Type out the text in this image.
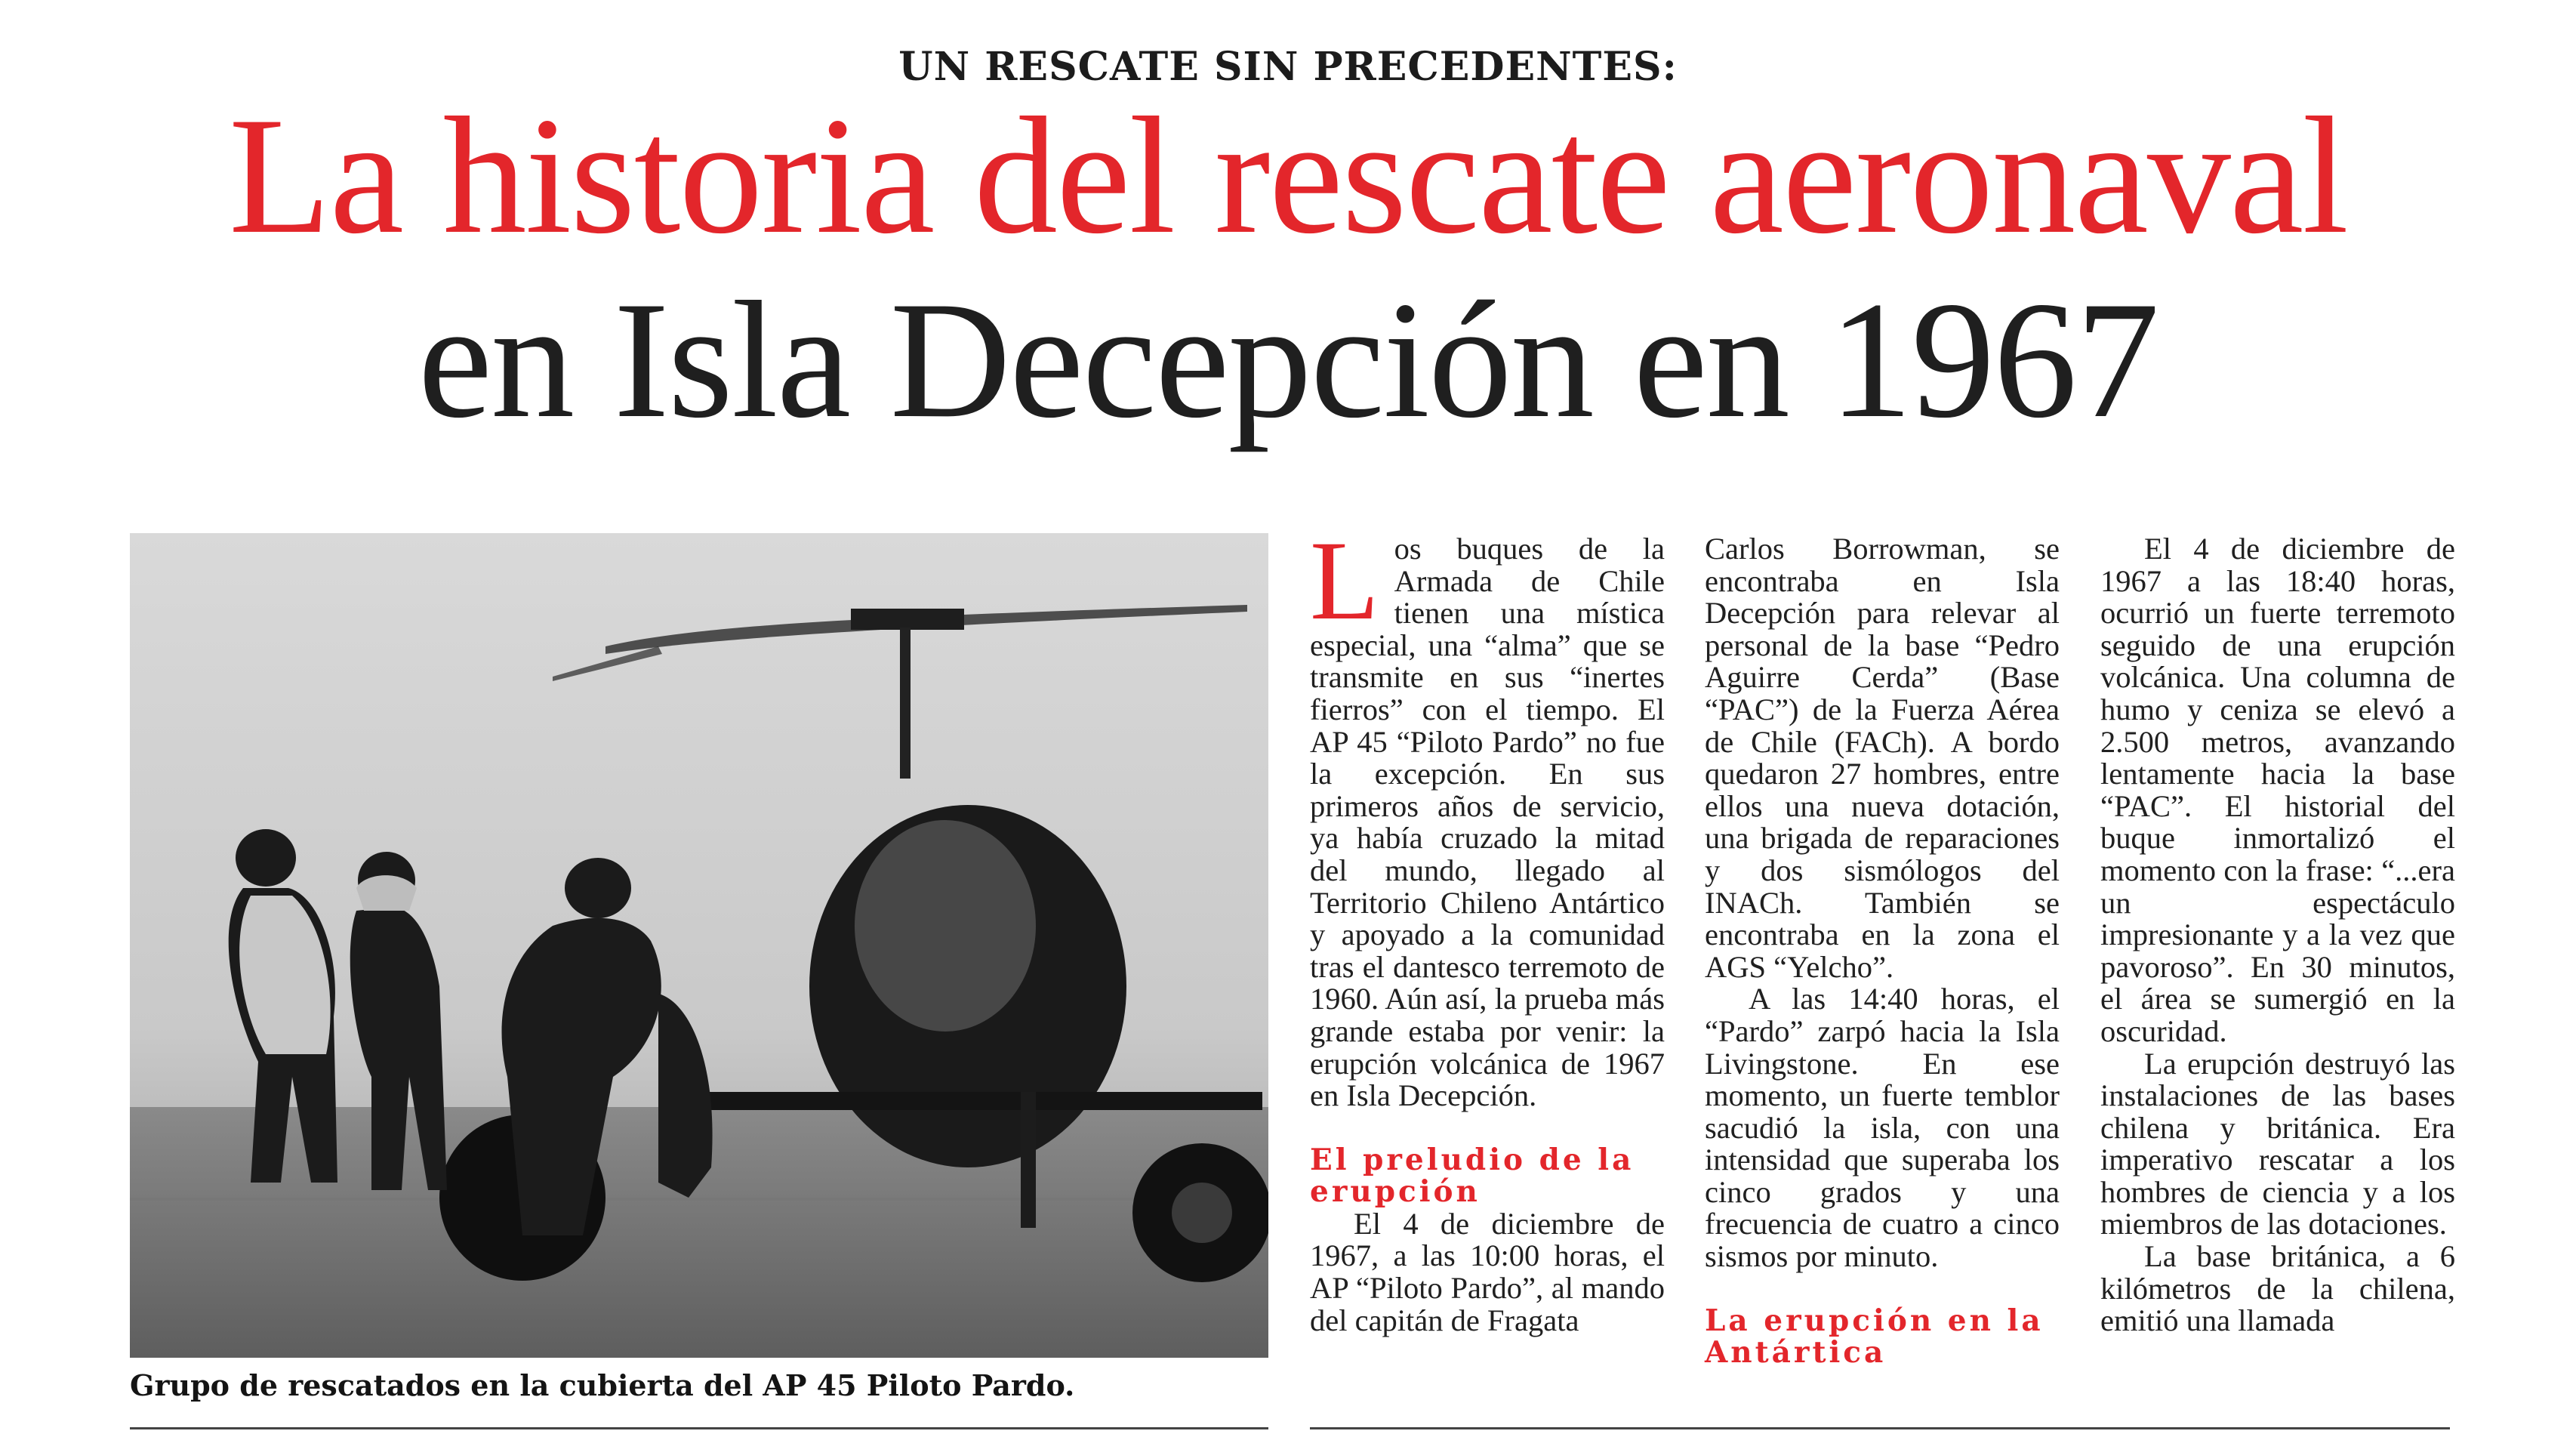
UN RESCATE SIN PRECEDENTES:
La historia del rescate aeronaval
en Isla Decepción en 1967
Grupo de rescatados en la cubierta del AP 45 Piloto Pardo.

Los buques de la Armada de Chile tienen una mística especial, una “alma” que se transmite en sus “inertes fierros” con el tiempo. El AP 45 “Piloto Pardo” no fue la excepción. En sus primeros años de servicio, ya había cruzado la mitad del mundo, llegado al Territorio Chileno Antártico y apoyado a la comunidad tras el dantesco terremoto de 1960. Aún así, la prueba más grande estaba por venir: la erupción volcánica de 1967 en Isla Decepción.

El preludio de la erupción

El 4 de diciembre de 1967, a las 10:00 horas, el AP “Piloto Pardo”, al mando del capitán de Fragata

Carlos Borrowman, se encontraba en Isla Decepción para relevar al personal de la base “Pedro Aguirre Cerda” (Base “PAC”) de la Fuerza Aérea de Chile (FACh). A bordo quedaron 27 hombres, entre ellos una nueva dotación, una brigada de reparaciones y dos sismólogos del INACh. También se encontraba en la zona el AGS “Yelcho”.

A las 14:40 horas, el “Pardo” zarpó hacia la Isla Livingstone. En ese momento, un fuerte temblor sacudió la isla, con una intensidad que superaba los cinco grados y una frecuencia de cuatro a cinco sismos por minuto.

La erupción en la Antártica

El 4 de diciembre de 1967 a las 18:40 horas, ocurrió un fuerte terremoto seguido de una erupción volcánica. Una columna de humo y ceniza se elevó a 2.500 metros, avanzando lentamente hacia la base “PAC”. El historial del buque inmortalizó el momento con la frase: “...era un espectáculo impresionante y a la vez que pavoroso”. En 30 minutos, el área se sumergió en la oscuridad.

La erupción destruyó las instalaciones de las bases chilena y británica. Era imperativo rescatar a los hombres de ciencia y a los miembros de las dotaciones.

La base británica, a 6 kilómetros de la chilena, emitió una llamada
